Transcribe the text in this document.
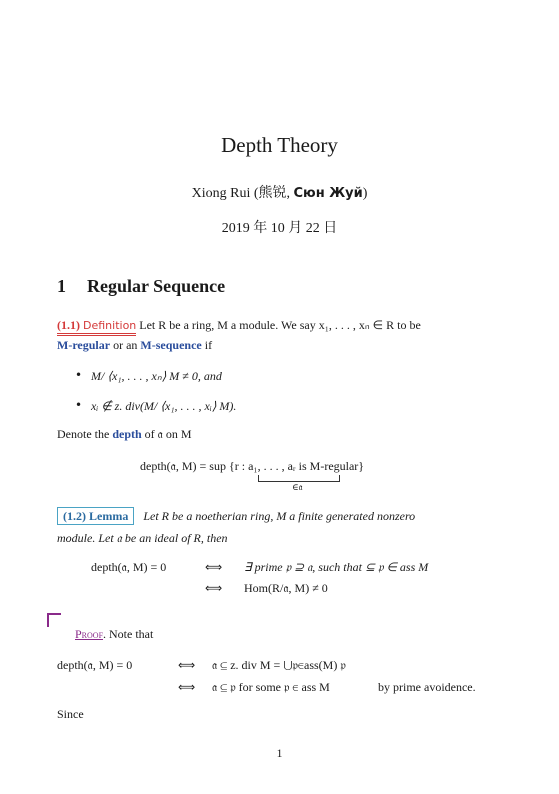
Depth Theory
Xiong Rui (熊锐, Сюн Жуй)
2019 年 10 月 22 日
1 Regular Sequence
(1.1) Definition Let R be a ring, M a module. We say x₁, . . . , xₙ ∈ R to be
M-regular or an M-sequence if
• M/ ⟨x₁, . . . , xₙ⟩ M ≠ 0, and
• xᵢ ∉ z. div(M/ ⟨x₁, . . . , xᵢ⟩ M).
Denote the depth of 𝔞 on M
depth(𝔞, M) = sup {r : a₁, . . . , aᵣ is M-regular}
∈𝔞
(1.2) Lemma Let R be a noetherian ring, M a finite generated nonzero
module. Let 𝔞 be an ideal of R, then
depth(𝔞, M) = 0	⟺ ∃ prime 𝔭 ⊇ 𝔞, such that ⊆ 𝔭 ∈ ass M
⟺ Hom(R/𝔞, M) ≠ 0
Proof. Note that
depth(𝔞, M) = 0	⟺ 𝔞 ⊆ z. div M = ⋃𝔭∈ass(M) 𝔭
⟺ 𝔞 ⊆ 𝔭 for some 𝔭 ∈ ass M	by prime avoidence.
Since
1
